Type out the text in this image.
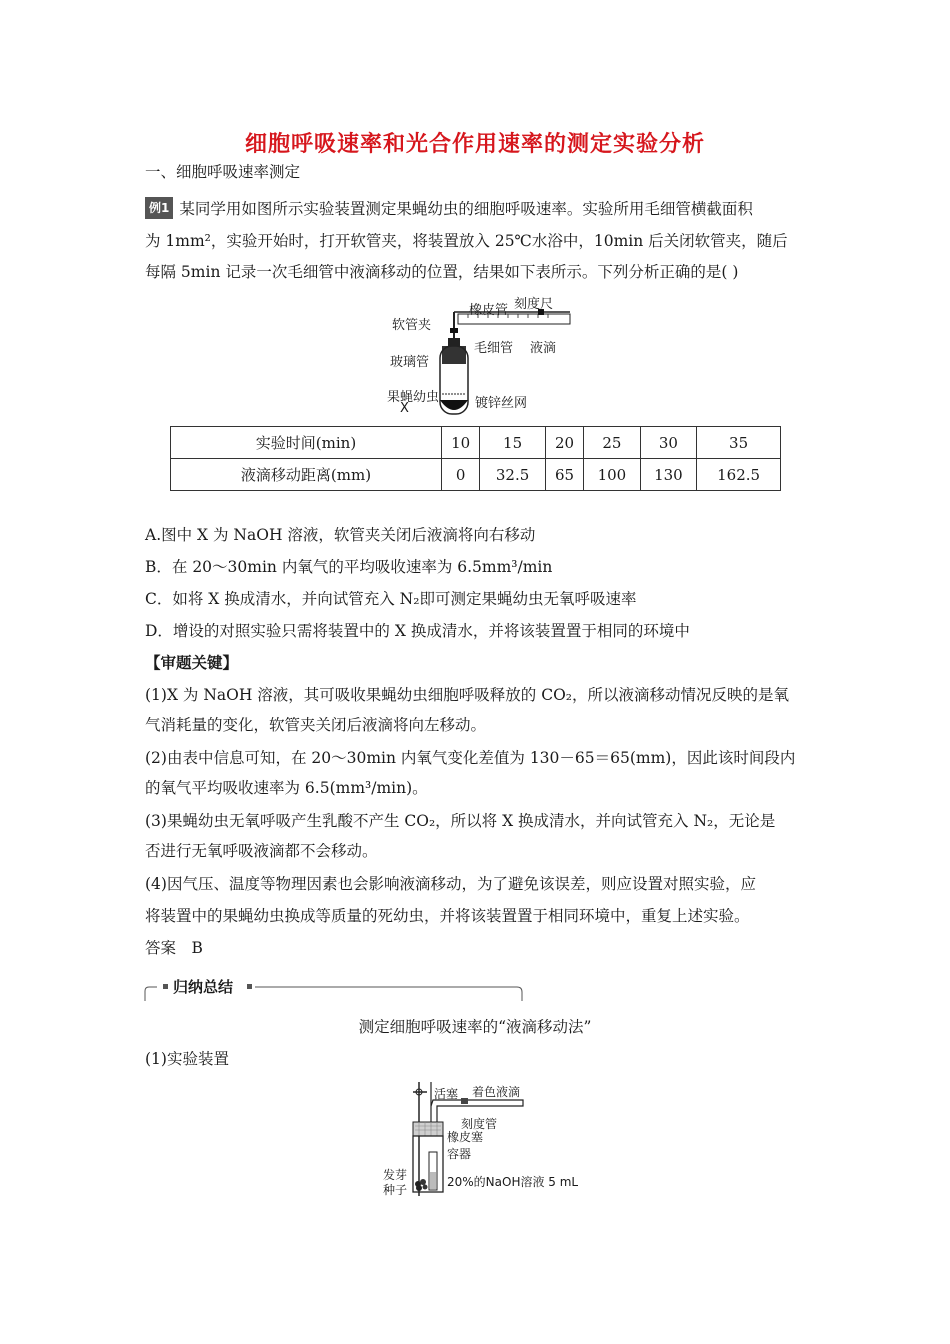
细胞呼吸速率和光合作用速率的测定实验分析
一、细胞呼吸速率测定
例1 某同学用如图所示实验装置测定果蝇幼虫的细胞呼吸速率。实验所用毛细管横截面积
为 1mm²，实验开始时，打开软管夹，将装置放入 25℃水浴中，10min 后关闭软管夹，随后
每隔 5min 记录一次毛细管中液滴移动的位置，结果如下表所示。下列分析正确的是( )
橡皮管 刻度尺
软管夹
毛细管 液滴
玻璃管
果蝇幼虫
X	镀锌丝网
实验时间(min)	10	15	20	25	30	35
液滴移动距离(mm)	0	32.5	65	100	130	162.5
A.图中 X 为 NaOH 溶液，软管夹关闭后液滴将向右移动
B．在 20～30min 内氧气的平均吸收速率为 6.5mm³/min
C．如将 X 换成清水，并向试管充入 N₂即可测定果蝇幼虫无氧呼吸速率
D．增设的对照实验只需将装置中的 X 换成清水，并将该装置置于相同的环境中
【审题关键】
(1)X 为 NaOH 溶液，其可吸收果蝇幼虫细胞呼吸释放的 CO₂，所以液滴移动情况反映的是氧
气消耗量的变化，软管夹关闭后液滴将向左移动。
(2)由表中信息可知，在 20～30min 内氧气变化差值为 130－65＝65(mm)，因此该时间段内
的氧气平均吸收速率为 6.5(mm³/min)。
(3)果蝇幼虫无氧呼吸产生乳酸不产生 CO₂，所以将 X 换成清水，并向试管充入 N₂，无论是
否进行无氧呼吸液滴都不会移动。
(4)因气压、温度等物理因素也会影响液滴移动，为了避免该误差，则应设置对照实验，应
将装置中的果蝇幼虫换成等质量的死幼虫，并将该装置置于相同环境中，重复上述实验。
答案　B
归纳总结
测定细胞呼吸速率的“液滴移动法”
(1)实验装置
活塞 着色液滴
刻度管
橡皮塞
容器
发芽
种子
20%的NaOH溶液 5 mL
